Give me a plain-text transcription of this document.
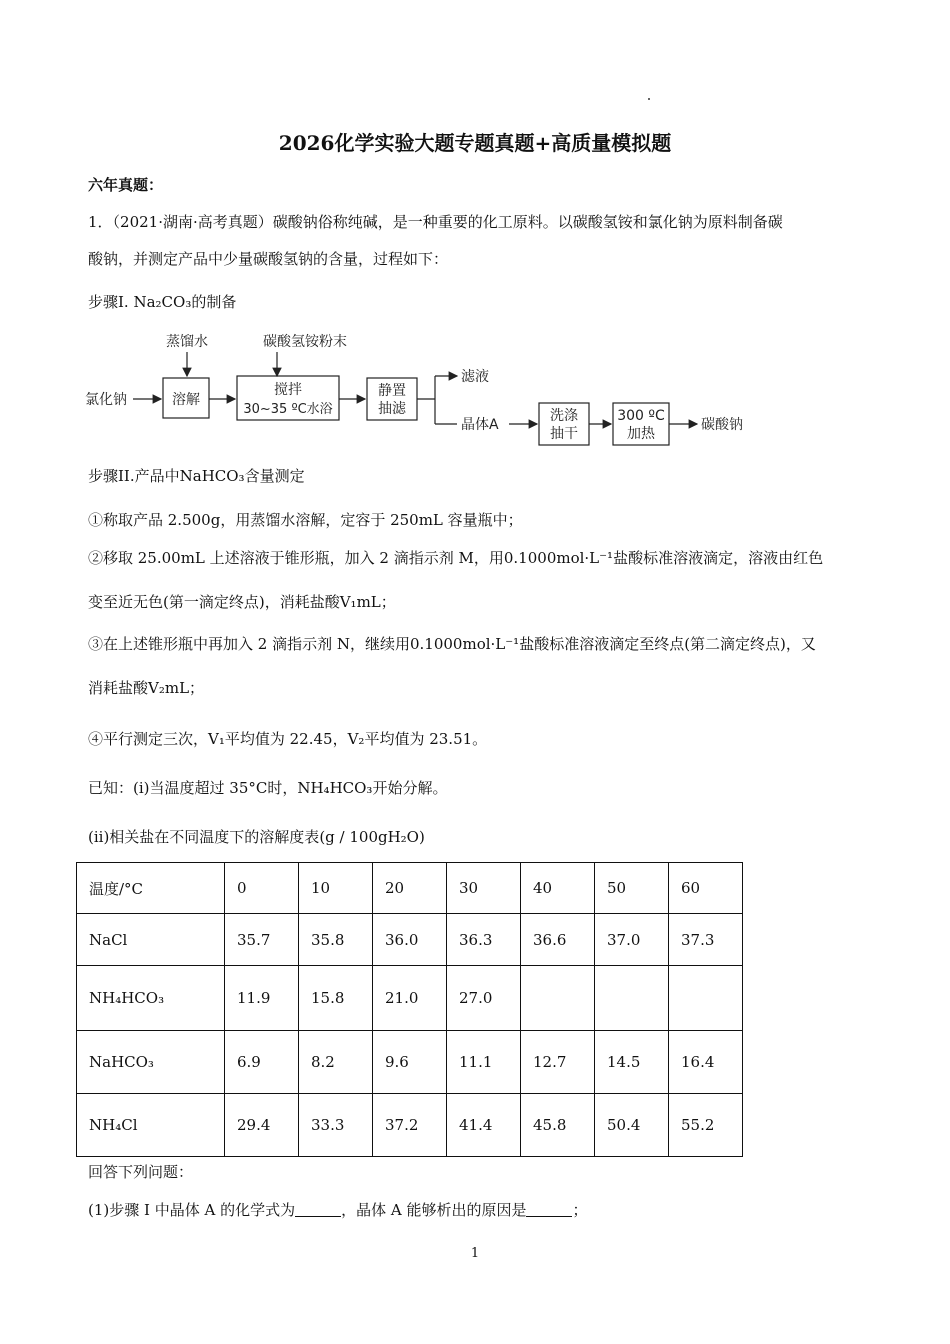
2026化学实验大题专题真题+高质量模拟题
六年真题：
1．（2021·湖南·高考真题）碳酸钠俗称纯碱，是一种重要的化工原料。以碳酸氢铵和氯化钠为原料制备碳
酸钠，并测定产品中少量碳酸氢钠的含量，过程如下：
步骤I. Na₂CO₃的制备
蒸馏水	碳酸氢铵粉末
氯化钠	溶解
搅拌
30~35 ºC水浴
静置
抽滤
滤液
晶体A
洗涤
抽干
300 ºC
加热
碳酸钠
步骤II.产品中NaHCO₃含量测定
①称取产品 2.500g，用蒸馏水溶解，定容于 250mL 容量瓶中；
②移取 25.00mL 上述溶液于锥形瓶，加入 2 滴指示剂 M，用0.1000mol·L⁻¹盐酸标准溶液滴定，溶液由红色
变至近无色(第一滴定终点)，消耗盐酸V₁mL；
③在上述锥形瓶中再加入 2 滴指示剂 N，继续用0.1000mol·L⁻¹盐酸标准溶液滴定至终点(第二滴定终点)，又
消耗盐酸V₂mL；
④平行测定三次，V₁平均值为 22.45，V₂平均值为 23.51。
已知：(i)当温度超过 35°C时，NH₄HCO₃开始分解。
(ii)相关盐在不同温度下的溶解度表(g / 100gH₂O)
温度/°C	0	10	20	30	40	50	60
NaCl	35.7	35.8	36.0	36.3	36.6	37.0	37.3
NH₄HCO₃	11.9	15.8	21.0	27.0			
NaHCO₃	6.9	8.2	9.6	11.1	12.7	14.5	16.4
NH₄Cl	29.4	33.3	37.2	41.4	45.8	50.4	55.2
回答下列问题：
(1)步骤 I 中晶体 A 的化学式为	，晶体 A 能够析出的原因是	；
1
